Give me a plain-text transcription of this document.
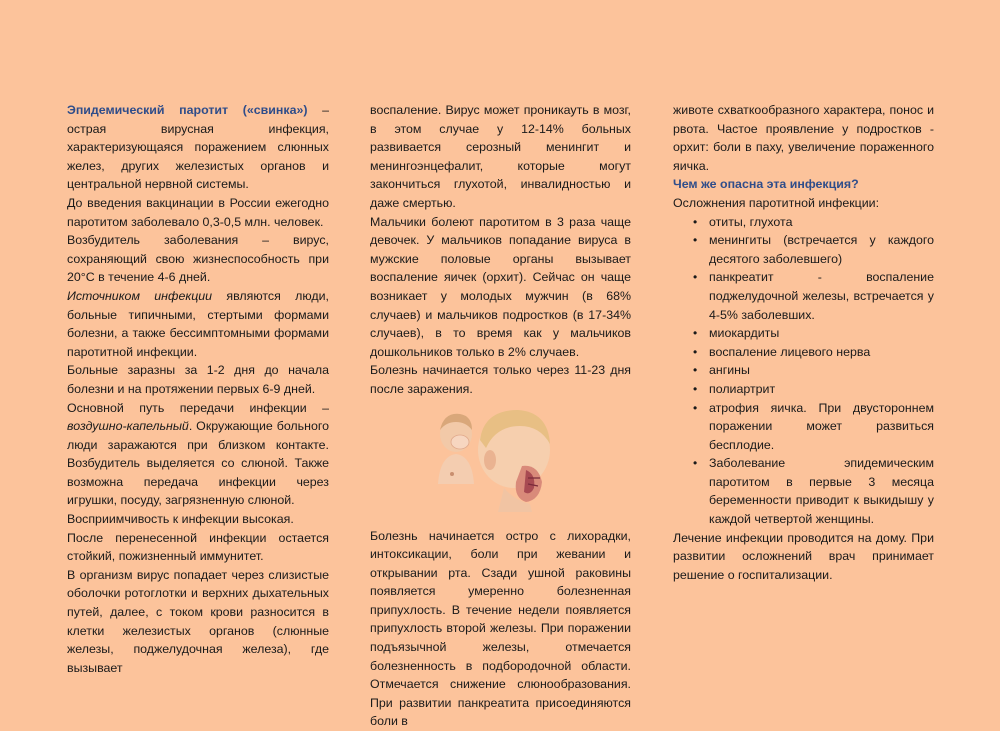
Эпидемический паротит («свинка») – острая вирусная инфекция, характеризующаяся поражением слюнных желез, других железистых органов и центральной нервной системы.

До введения вакцинации в России ежегодно паротитом заболевало 0,3-0,5 млн. человек.

Возбудитель заболевания – вирус, сохраняющий свою жизнеспособность при 20°С в течение 4-6 дней.

Источником инфекции являются люди, больные типичными, стертыми формами болезни, а также бессимптомными формами паротитной инфекции.

Больные заразны за 1-2 дня до начала болезни и на протяжении первых 6-9 дней.

Основной путь передачи инфекции – воздушно-капельный. Окружающие больного люди заражаются при близком контакте. Возбудитель выделяется со слюной. Также возможна передача инфекции через игрушки, посуду, загрязненную слюной.

Восприимчивость к инфекции высокая.

После перенесенной инфекции остается стойкий, пожизненный иммунитет.

В организм вирус попадает через слизистые оболочки ротоглотки и верхних дыхательных путей, далее, с током крови разносится в клетки железистых органов (слюнные железы, поджелудочная железа), где вызывает

воспаление. Вирус может проникауть в мозг, в этом случае у 12-14% больных развивается серозный менингит и менингоэнцефалит, которые могут закончиться глухотой, инвалидностью и даже смертью.

Мальчики болеют паротитом в 3 раза чаще девочек. У мальчиков попадание вируса в мужские половые органы вызывает воспаление яичек (орхит). Сейчас он чаще возникает у молодых мужчин (в 68% случаев) и мальчиков подростков (в 17-34% случаев), в то время как у мальчиков дошкольников только в 2% случаев.

Болезнь начинается только через 11-23 дня после заражения.

Болезнь начинается остро с лихорадки, интоксикации, боли при жевании и открывании рта. Сзади ушной раковины появляется умеренно болезненная припухлость. В течение недели появляется припухлость второй железы. При поражении подъязычной железы, отмечается болезненность в подбородочной области. Отмечается снижение слюнообразования. При развитии панкреатита присоединяются боли в

животе схваткообразного характера, понос и рвота. Частое проявление у подростков - орхит: боли в паху, увеличение пораженного яичка.

Чем же опасна эта инфекция?

Осложнения паротитной инфекции:

• отиты, глухота
• менингиты (встречается у каждого десятого заболевшего)
• панкреатит - воспаление поджелудочной железы, встречается у 4-5% заболевших.
• миокардиты
• воспаление лицевого нерва
• ангины
• полиартрит
• атрофия яичка. При двустороннем поражении может развиться бесплодие.
• Заболевание эпидемическим паротитом в первые 3 месяца беременности приводит к выкидышу у каждой четвертой женщины.

Лечение инфекции проводится на дому. При развитии осложнений врач принимает решение о госпитализации.
